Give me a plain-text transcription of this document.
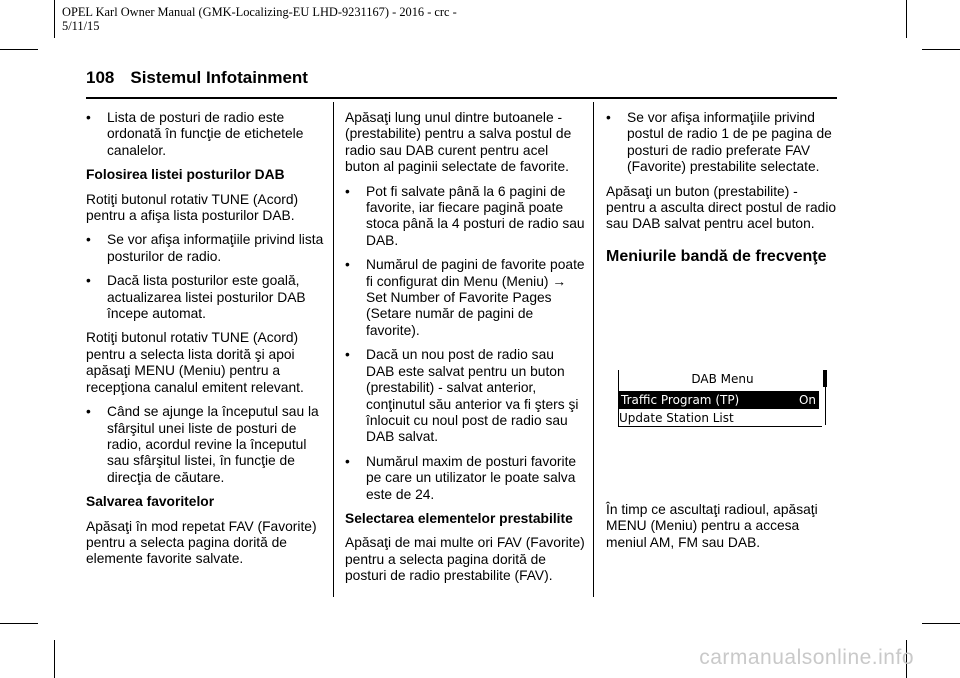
OPEL Karl Owner Manual (GMK-Localizing-EU LHD-9231167) - 2016 - crc -
5/11/15
108 Sistemul Infotainment
• Lista de posturi de radio este ordonată în funcţie de etichetele canalelor.
Folosirea listei posturilor DAB

Rotiţi butonul rotativ TUNE (Acord) pentru a afişa lista posturilor DAB.

• Se vor afişa informaţiile privind lista posturilor de radio.
• Dacă lista posturilor este goală, actualizarea listei posturilor DAB începe automat.

Rotiţi butonul rotativ TUNE (Acord) pentru a selecta lista dorită şi apoi apăsaţi MENU (Meniu) pentru a recepţiona canalul emitent relevant.

• Când se ajunge la începutul sau la sfârşitul unei liste de posturi de radio, acordul revine la începutul sau sfârşitul listei, în funcţie de direcţia de căutare.
Salvarea favoritelor

Apăsaţi în mod repetat FAV (Favorite) pentru a selecta pagina dorită de elemente favorite salvate.

Apăsaţi lung unul dintre butoanele - (prestabilite) pentru a salva postul de radio sau DAB curent pentru acel buton al paginii selectate de favorite.

• Pot fi salvate până la 6 pagini de favorite, iar fiecare pagină poate stoca până la 4 posturi de radio sau DAB.
• Numărul de pagini de favorite poate fi configurat din Menu (Meniu) → Set Number of Favorite Pages (Setare număr de pagini de favorite).
• Dacă un nou post de radio sau DAB este salvat pentru un buton (prestabilit) - salvat anterior, conţinutul său anterior va fi şters şi înlocuit cu noul post de radio sau DAB salvat.
• Numărul maxim de posturi favorite pe care un utilizator le poate salva este de 24.
Selectarea elementelor prestabilite

Apăsaţi de mai multe ori FAV (Favorite) pentru a selecta pagina dorită de posturi de radio prestabilite (FAV).

• Se vor afişa informaţiile privind postul de radio 1 de pe pagina de posturi de radio preferate FAV (Favorite) prestabilite selectate.

Apăsaţi un buton (prestabilite) - pentru a asculta direct postul de radio sau DAB salvat pentru acel buton.

Meniurile bandă de frecvenţe

În timp ce ascultaţi radioul, apăsaţi MENU (Meniu) pentru a accesa meniul AM, FM sau DAB.

DAB Menu
Traffic Program (TP)	On
Update Station List
carmanualsonline.info
